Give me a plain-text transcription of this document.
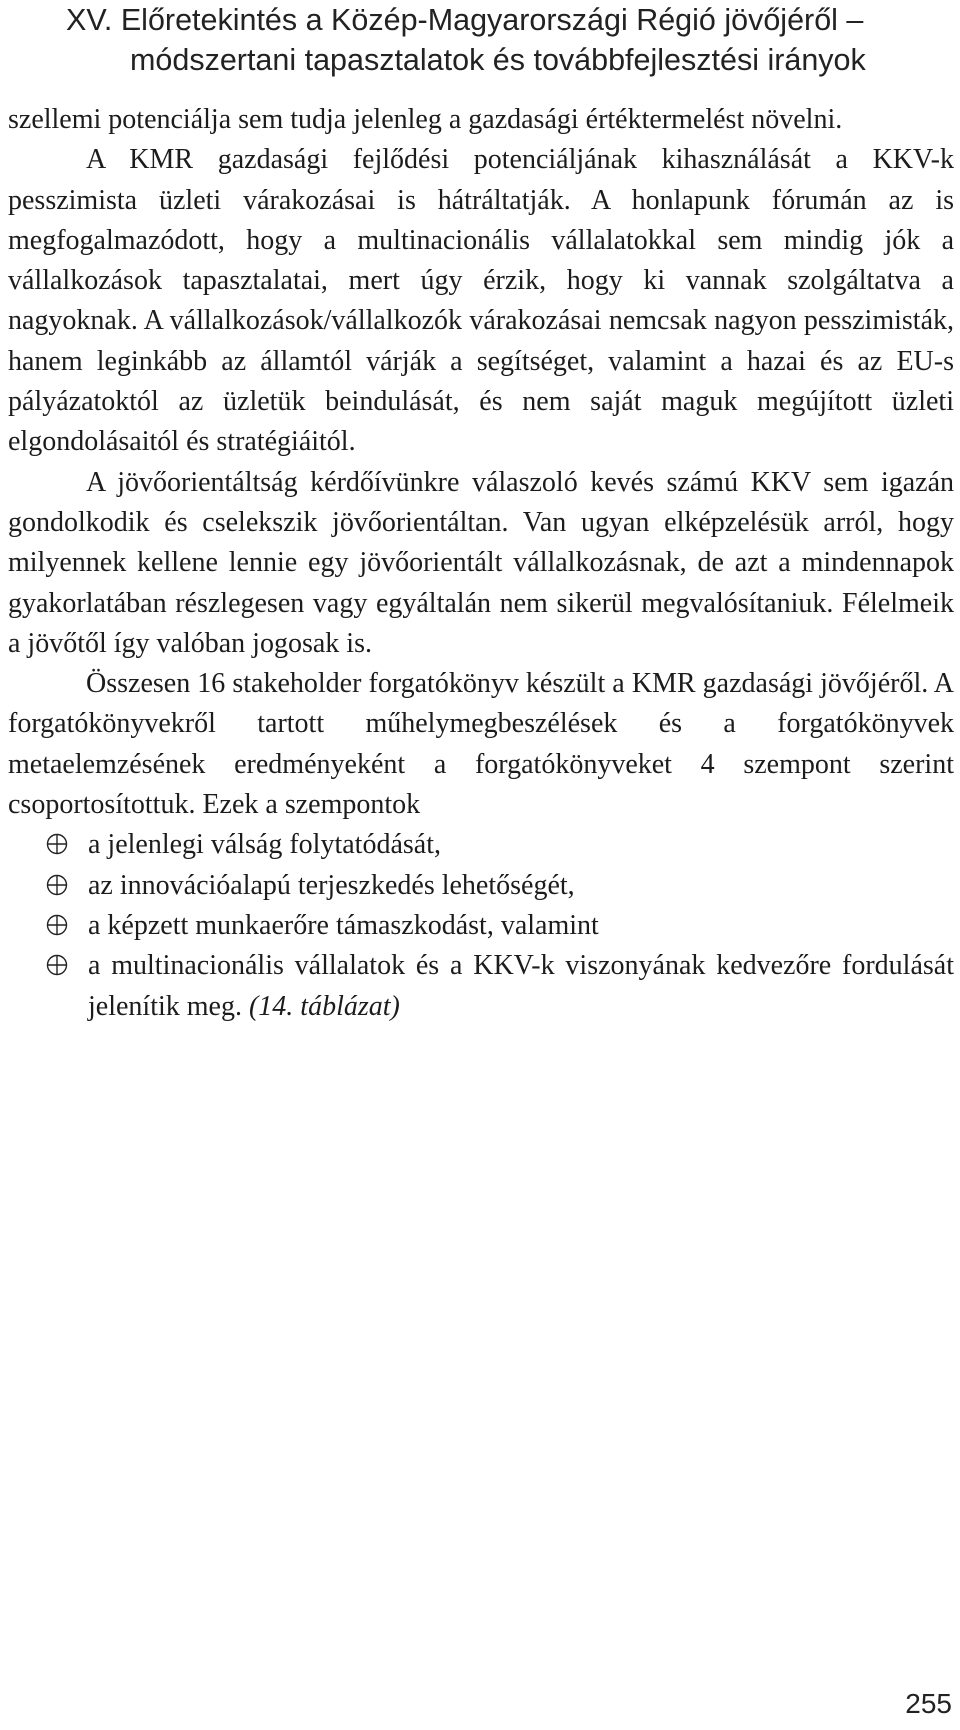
XV. Előretekintés a Közép-Magyarországi Régió jövőjéről –
módszertani tapasztalatok és továbbfejlesztési irányok

szellemi potenciálja sem tudja jelenleg a gazdasági értéktermelést növelni.

A KMR gazdasági fejlődési potenciáljának kihasználását a KKV-k pesszimista üzleti várakozásai is hátráltatják. A honlapunk fórumán az is megfogalmazódott, hogy a multinacionális vállalatokkal sem mindig jók a vállalkozások tapasztalatai, mert úgy érzik, hogy ki vannak szolgáltatva a nagyoknak. A vállalkozások/vállalkozók várakozásai nemcsak nagyon pesszimisták, hanem leginkább az államtól várják a segítséget, valamint a hazai és az EU-s pályázatoktól az üzletük beindulását, és nem saját maguk megújított üzleti elgondolásaitól és stratégiáitól.

A jövőorientáltság kérdőívünkre válaszoló kevés számú KKV sem igazán gondolkodik és cselekszik jövőorientáltan. Van ugyan elképzelésük arról, hogy milyennek kellene lennie egy jövőorientált vállalkozásnak, de azt a mindennapok gyakorlatában részlegesen vagy egyáltalán nem sikerül megvalósítaniuk. Félelmeik a jövőtől így valóban jogosak is.

Összesen 16 stakeholder forgatókönyv készült a KMR gazdasági jövőjéről. A forgatókönyvekről tartott műhelymegbeszélések és a forgatókönyvek metaelemzésének eredményeként a forgatókönyveket 4 szempont szerint csoportosítottuk. Ezek a szempontok

a jelenlegi válság folytatódását,
az innovációalapú terjeszkedés lehetőségét,
a képzett munkaerőre támaszkodást, valamint
a multinacionális vállalatok és a KKV-k viszonyának kedvezőre fordulását jelenítik meg. (14. táblázat)
255
